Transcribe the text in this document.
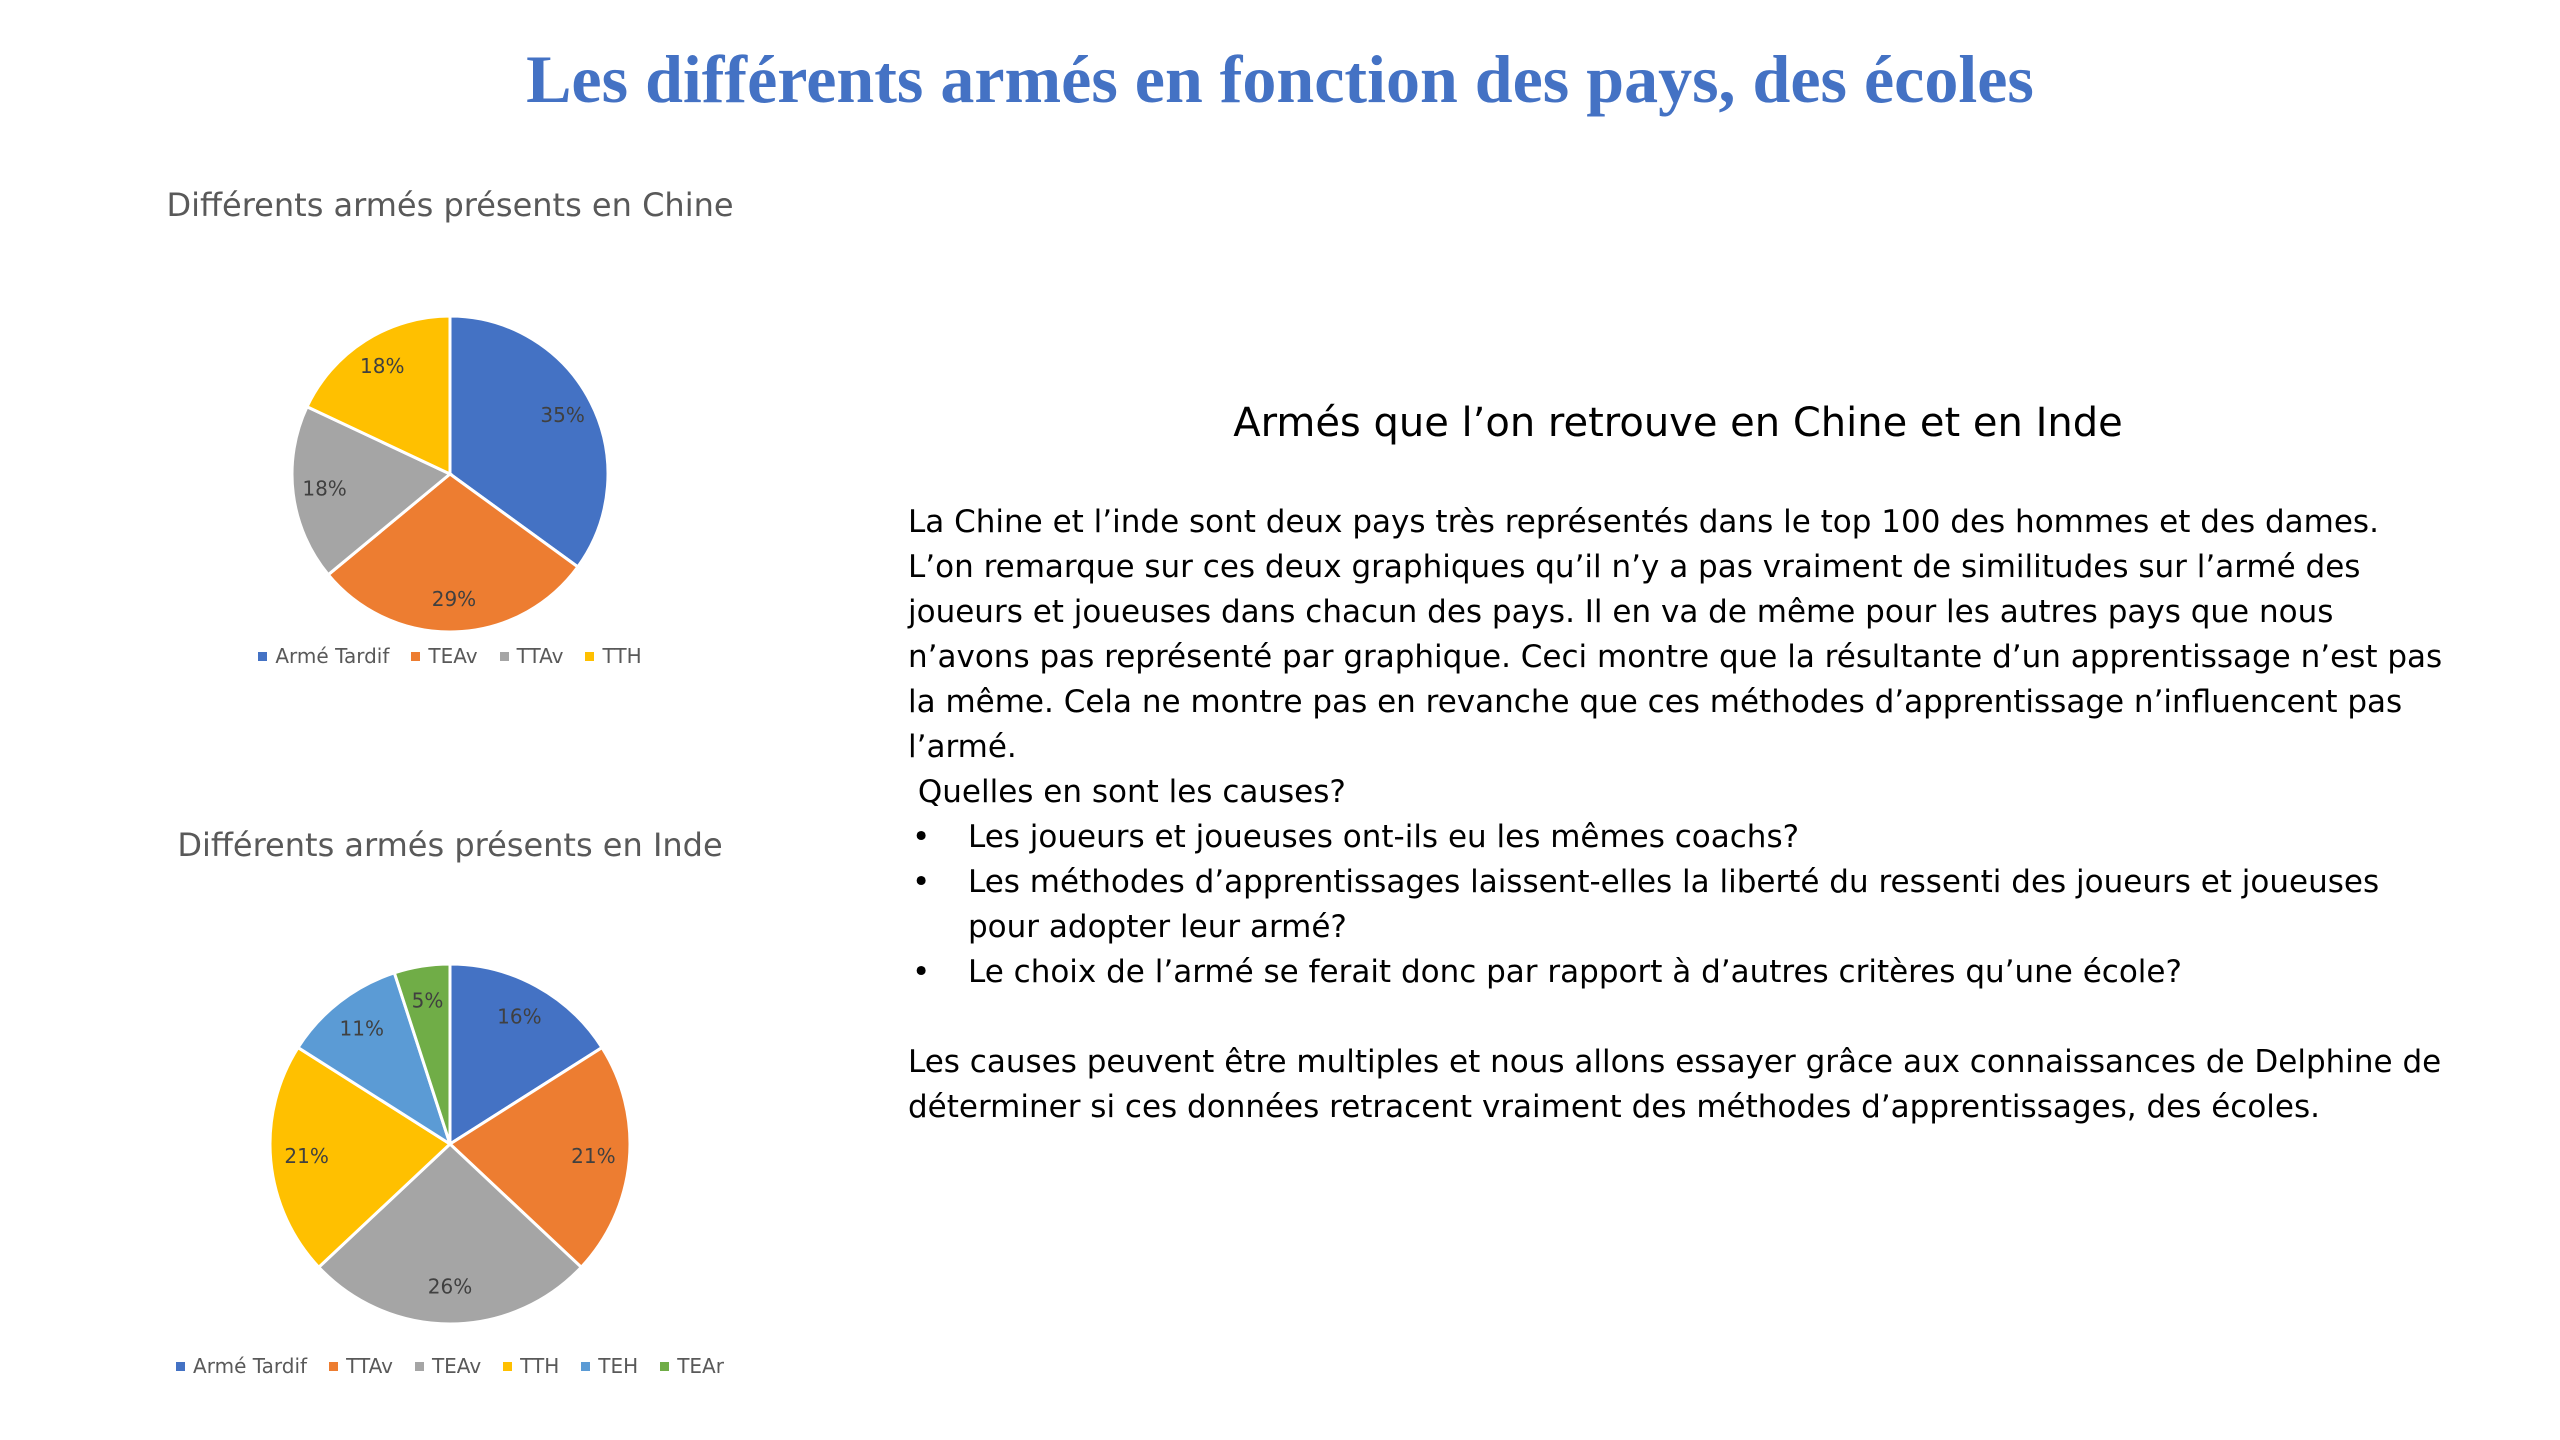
Les différents armés en fonction des pays, des écoles
Différents armés présents en Chine
35%
29%
18%
18%
Armé Tardif TEAv TTAv TTH
Différents armés présents en Inde
16%
21%
26%
21%
11%
5%
Armé Tardif TTAv TEAv TTH TEH TEAr
Armés que l’on retrouve en Chine et en Inde

La Chine et l’inde sont deux pays très représentés dans le top 100 des hommes et des dames. L’on remarque sur ces deux graphiques qu’il n’y a pas vraiment de similitudes sur l’armé des joueurs et joueuses dans chacun des pays. Il en va de même pour les autres pays que nous n’avons pas représenté par graphique. Ceci montre que la résultante d’un apprentissage n’est pas la même. Cela ne montre pas en revanche que ces méthodes d’apprentissage n’influencent pas l’armé.

Quelles en sont les causes?

• Les joueurs et joueuses ont-ils eu les mêmes coachs?
• Les méthodes d’apprentissages laissent-elles la liberté du ressenti des joueurs et joueuses pour adopter leur armé?
• Le choix de l’armé se ferait donc par rapport à d’autres critères qu’une école?

Les causes peuvent être multiples et nous allons essayer grâce aux connaissances de Delphine de déterminer si ces données retracent vraiment des méthodes d’apprentissages, des écoles.
